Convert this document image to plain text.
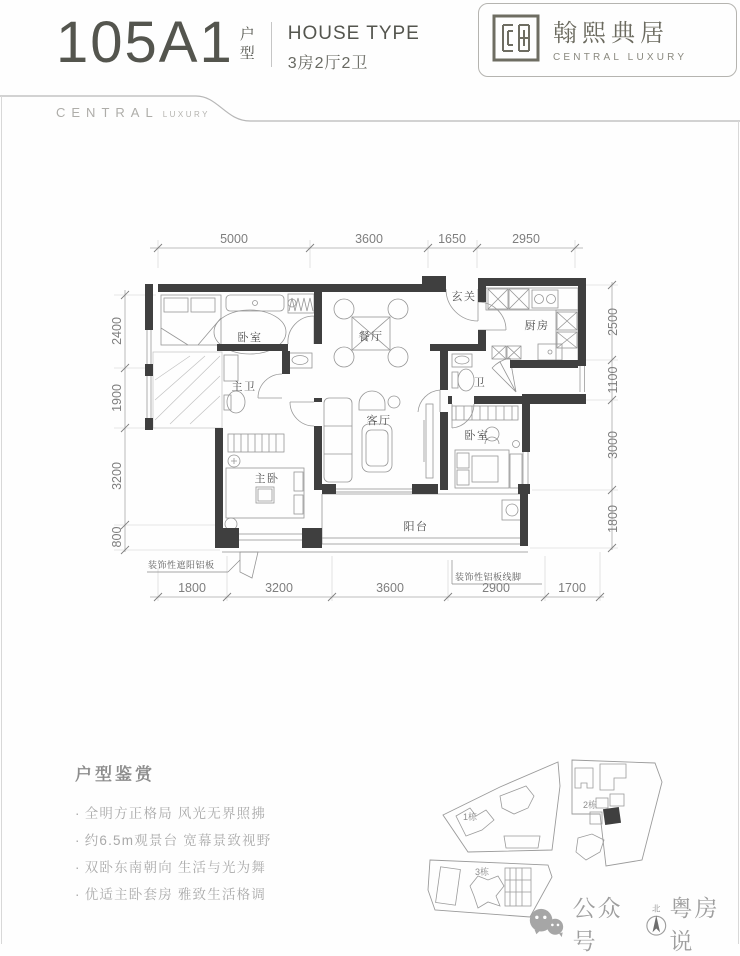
105A1 户型
HOUSE TYPE
3房2厅2卫
翰熙典居
CENTRAL LUXURY
CENTRAL LUXURY
5000	3600	1650	2950
1800	3200	3600	2900	1700
2400
1900
3200
800
2500
1100
3000
1800
卧室	餐厅
玄关
厨房
主卫	卫
客厅
卧室
主卧
阳台
装饰性遮阳铝板
装饰性铝板线脚
户型鉴赏
· 全明方正格局 风光无界照拂
· 约6.5m观景台 宽幕景致视野
· 双卧东南朝向 生活与光为舞
· 优适主卧套房 雅致生活格调
1栋
2栋
3栋
公众号
北 粤房说
